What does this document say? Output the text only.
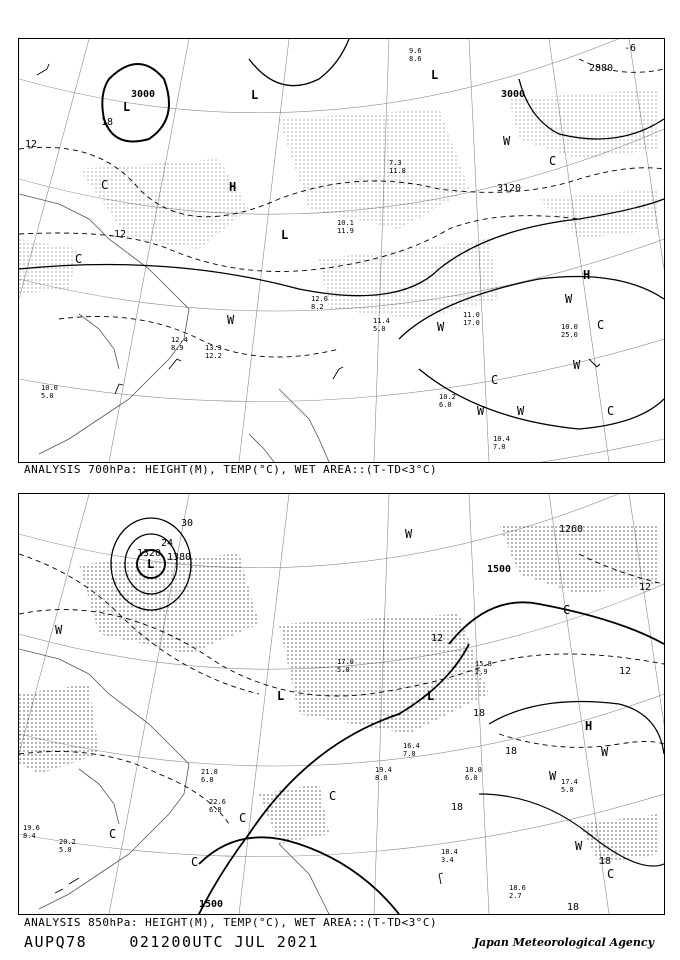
3000	3000
3120
2880
12
12
18
-6
L
L
L
L
H
H
C
C
C
C
C
C
W
W
W
W
W
W	W
10.2
6.0
10.4
7.0
11.0
17.0	10.0
25.0
12.4
8.9	13.3
12.2
10.0
5.0
12.0
8.2
11.4
5.0
10.1
11.9
7.3
11.8
9.6
8.6
ANALYSIS 700hPa: HEIGHT(M), TEMP(°C), WET AREA::(T-TD<3°C)
1500
1500
1380
1320
1260
30
24
18
18
18
12
12
12
18
18
L
L	L
H
C
C
C
C
C
C
W
W
W
W
W
19.4
8.0
18.0
6.0	17.4
5.0
18.4
3.4
18.6
2.7
20.2
5.0
19.6
8.4
22.6
6.8
21.8
6.8
16.4
7.0
17.0
5.0
15.8
2.9
ANALYSIS 850hPa: HEIGHT(M), TEMP(°C), WET AREA::(T-TD<3°C)
AUPQ78	021200UTC JUL 2021	Japan Meteorological Agency
